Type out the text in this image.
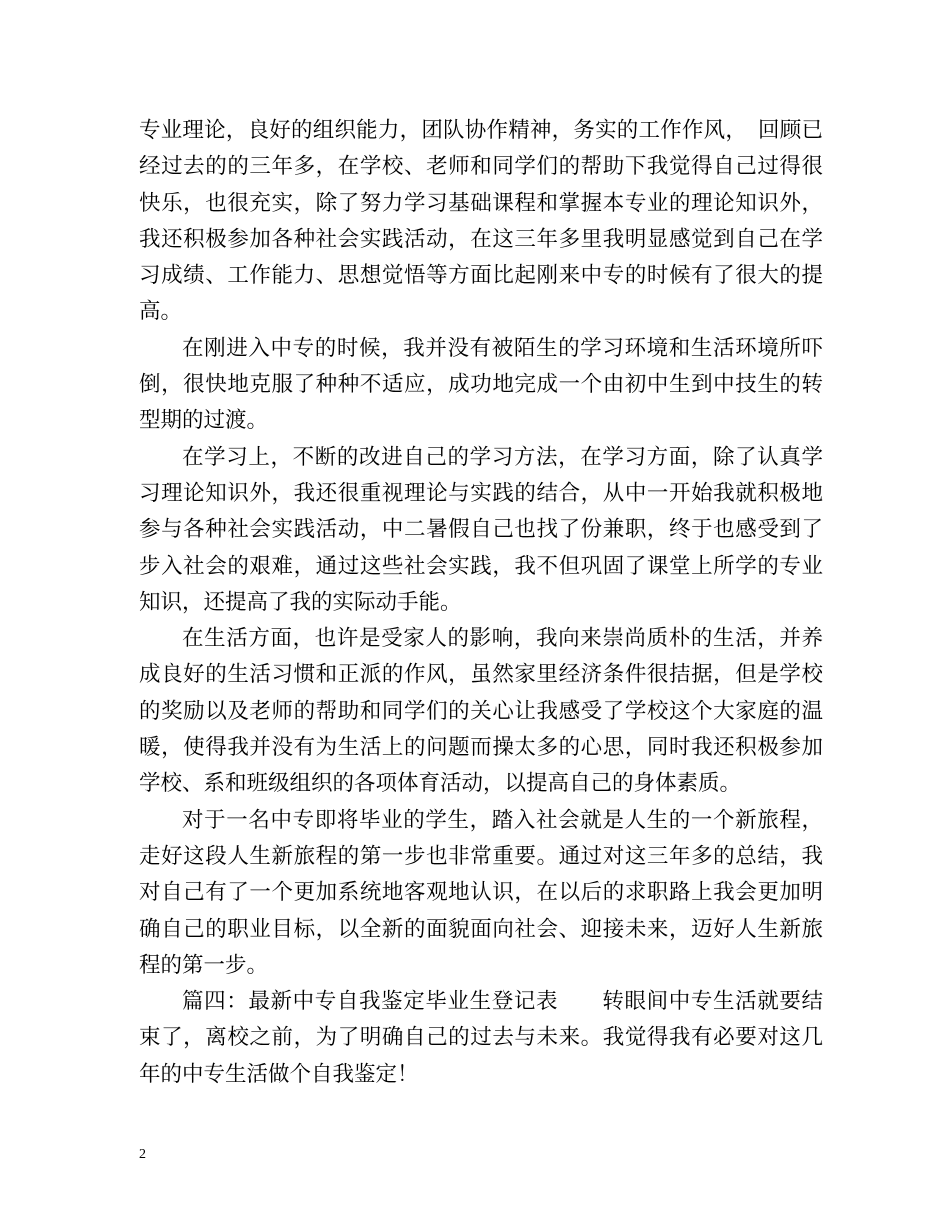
专业理论，良好的组织能力，团队协作精神，务实的工作作风，　回顾已经过去的的三年多，在学校、老师和同学们的帮助下我觉得自己过得很快乐，也很充实，除了努力学习基础课程和掌握本专业的理论知识外，我还积极参加各种社会实践活动，在这三年多里我明显感觉到自己在学习成绩、工作能力、思想觉悟等方面比起刚来中专的时候有了很大的提高。

在刚进入中专的时候，我并没有被陌生的学习环境和生活环境所吓倒，很快地克服了种种不适应，成功地完成一个由初中生到中技生的转型期的过渡。

在学习上，不断的改进自己的学习方法，在学习方面，除了认真学习理论知识外，我还很重视理论与实践的结合，从中一开始我就积极地参与各种社会实践活动，中二暑假自己也找了份兼职，终于也感受到了步入社会的艰难，通过这些社会实践，我不但巩固了课堂上所学的专业知识，还提高了我的实际动手能。

在生活方面，也许是受家人的影响，我向来崇尚质朴的生活，并养成良好的生活习惯和正派的作风，虽然家里经济条件很拮据，但是学校的奖励以及老师的帮助和同学们的关心让我感受了学校这个大家庭的温暖，使得我并没有为生活上的问题而操太多的心思，同时我还积极参加学校、系和班级组织的各项体育活动，以提高自己的身体素质。

对于一名中专即将毕业的学生，踏入社会就是人生的一个新旅程，走好这段人生新旅程的第一步也非常重要。通过对这三年多的总结，我对自己有了一个更加系统地客观地认识，在以后的求职路上我会更加明确自己的职业目标，以全新的面貌面向社会、迎接未来，迈好人生新旅程的第一步。

篇四：最新中专自我鉴定毕业生登记表　　转眼间中专生活就要结束了，离校之前，为了明确自己的过去与未来。我觉得我有必要对这几年的中专生活做个自我鉴定！

2
